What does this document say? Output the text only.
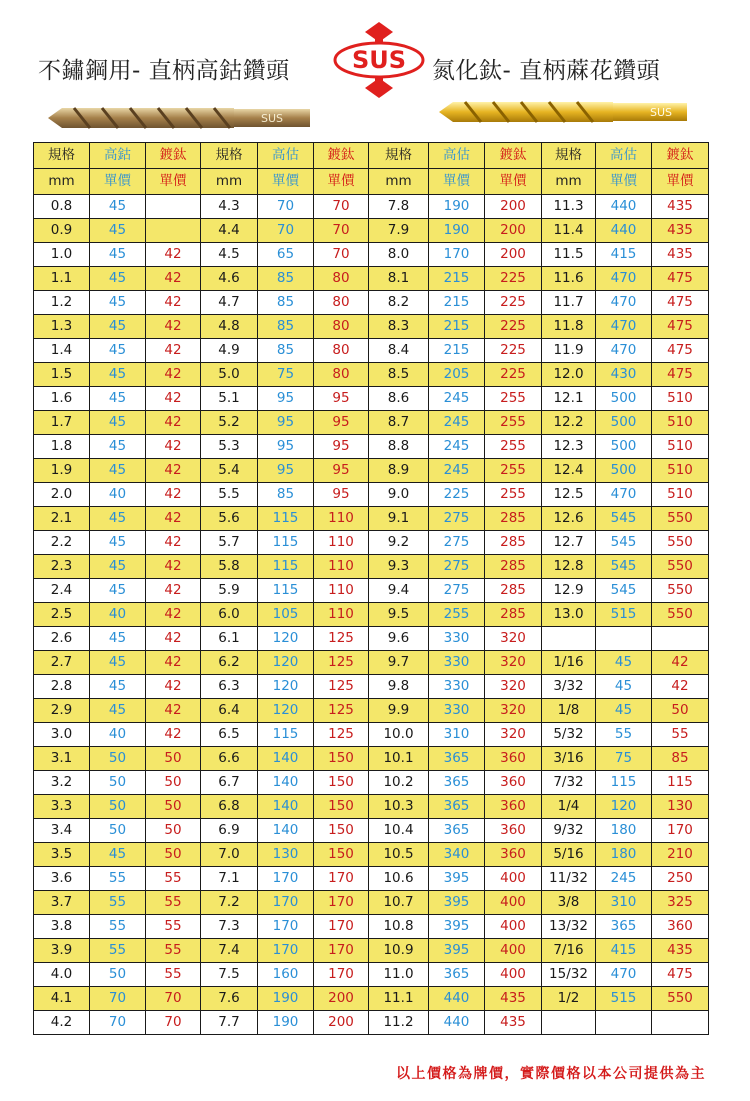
不鏽鋼用- 直柄高鈷鑽頭	SUS 氮化鈦- 直柄蔴花鑽頭
SUS	SUS
規格	高鈷	鍍鈦	規格	高估	鍍鈦	規格	高估	鍍鈦	規格	高估	鍍鈦
mm	單價	單價	mm	單價	單價	mm	單價	單價	mm	單價	單價
0.8	45		4.3	70	70	7.8	190	200	11.3	440	435
0.9	45		4.4	70	70	7.9	190	200	11.4	440	435
1.0	45	42	4.5	65	70	8.0	170	200	11.5	415	435
1.1	45	42	4.6	85	80	8.1	215	225	11.6	470	475
1.2	45	42	4.7	85	80	8.2	215	225	11.7	470	475
1.3	45	42	4.8	85	80	8.3	215	225	11.8	470	475
1.4	45	42	4.9	85	80	8.4	215	225	11.9	470	475
1.5	45	42	5.0	75	80	8.5	205	225	12.0	430	475
1.6	45	42	5.1	95	95	8.6	245	255	12.1	500	510
1.7	45	42	5.2	95	95	8.7	245	255	12.2	500	510
1.8	45	42	5.3	95	95	8.8	245	255	12.3	500	510
1.9	45	42	5.4	95	95	8.9	245	255	12.4	500	510
2.0	40	42	5.5	85	95	9.0	225	255	12.5	470	510
2.1	45	42	5.6	115	110	9.1	275	285	12.6	545	550
2.2	45	42	5.7	115	110	9.2	275	285	12.7	545	550
2.3	45	42	5.8	115	110	9.3	275	285	12.8	545	550
2.4	45	42	5.9	115	110	9.4	275	285	12.9	545	550
2.5	40	42	6.0	105	110	9.5	255	285	13.0	515	550
2.6	45	42	6.1	120	125	9.6	330	320			
2.7	45	42	6.2	120	125	9.7	330	320	1/16	45	42
2.8	45	42	6.3	120	125	9.8	330	320	3/32	45	42
2.9	45	42	6.4	120	125	9.9	330	320	1/8	45	50
3.0	40	42	6.5	115	125	10.0	310	320	5/32	55	55
3.1	50	50	6.6	140	150	10.1	365	360	3/16	75	85
3.2	50	50	6.7	140	150	10.2	365	360	7/32	115	115
3.3	50	50	6.8	140	150	10.3	365	360	1/4	120	130
3.4	50	50	6.9	140	150	10.4	365	360	9/32	180	170
3.5	45	50	7.0	130	150	10.5	340	360	5/16	180	210
3.6	55	55	7.1	170	170	10.6	395	400	11/32	245	250
3.7	55	55	7.2	170	170	10.7	395	400	3/8	310	325
3.8	55	55	7.3	170	170	10.8	395	400	13/32	365	360
3.9	55	55	7.4	170	170	10.9	395	400	7/16	415	435
4.0	50	55	7.5	160	170	11.0	365	400	15/32	470	475
4.1	70	70	7.6	190	200	11.1	440	435	1/2	515	550
4.2	70	70	7.7	190	200	11.2	440	435			
以上價格為牌價，實際價格以本公司提供為主
